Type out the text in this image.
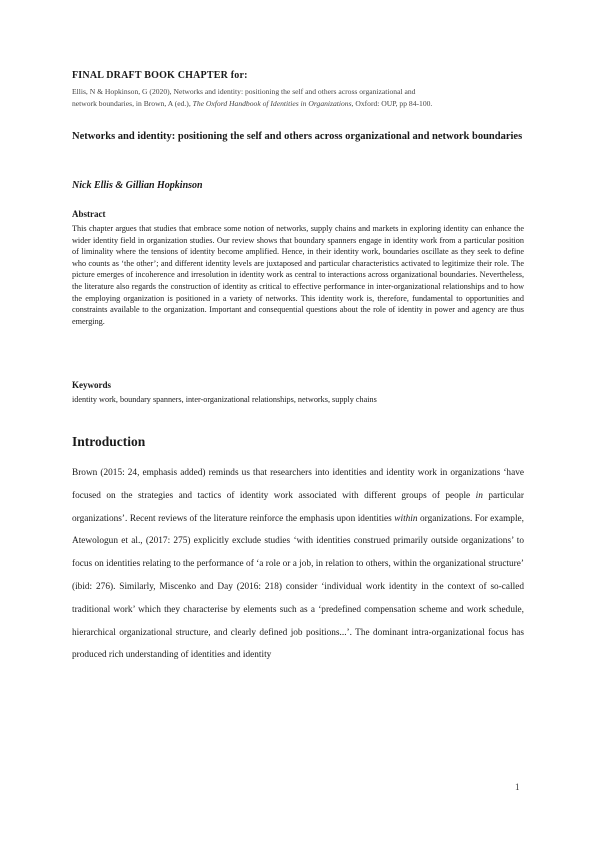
FINAL DRAFT BOOK CHAPTER for:
Ellis, N & Hopkinson, G (2020), Networks and identity: positioning the self and others across organizational and
network boundaries, in Brown, A (ed.), The Oxford Handbook of Identities in Organizations, Oxford: OUP, pp 84-100.
Networks and identity: positioning the self and others across organizational and network boundaries
Nick Ellis & Gillian Hopkinson
Abstract
This chapter argues that studies that embrace some notion of networks, supply chains and markets in exploring identity can enhance the wider identity field in organization studies. Our review shows that boundary spanners engage in identity work from a particular position of liminality where the tensions of identity become amplified. Hence, in their identity work, boundaries oscillate as they seek to define who counts as ‘the other’; and different identity levels are juxtaposed and particular characteristics activated to legitimize their role. The picture emerges of incoherence and irresolution in identity work as central to interactions across organizational boundaries. Nevertheless, the literature also regards the construction of identity as critical to effective performance in inter-organizational relationships and to how the employing organization is positioned in a variety of networks. This identity work is, therefore, fundamental to opportunities and constraints available to the organization. Important and consequential questions about the role of identity in power and agency are thus emerging.
Keywords
identity work, boundary spanners, inter-organizational relationships, networks, supply chains
Introduction
Brown (2015: 24, emphasis added) reminds us that researchers into identities and identity work in organizations ‘have focused on the strategies and tactics of identity work associated with different groups of people in particular organizations’. Recent reviews of the literature reinforce the emphasis upon identities within organizations. For example, Atewologun et al., (2017: 275) explicitly exclude studies ‘with identities construed primarily outside organizations’ to focus on identities relating to the performance of ‘a role or a job, in relation to others, within the organizational structure’ (ibid: 276). Similarly, Miscenko and Day (2016: 218) consider ‘individual work identity in the context of so-called traditional work’ which they characterise by elements such as a ‘predefined compensation scheme and work schedule, hierarchical organizational structure, and clearly defined job positions...’. The dominant intra-organizational focus has produced rich understanding of identities and identity
1
